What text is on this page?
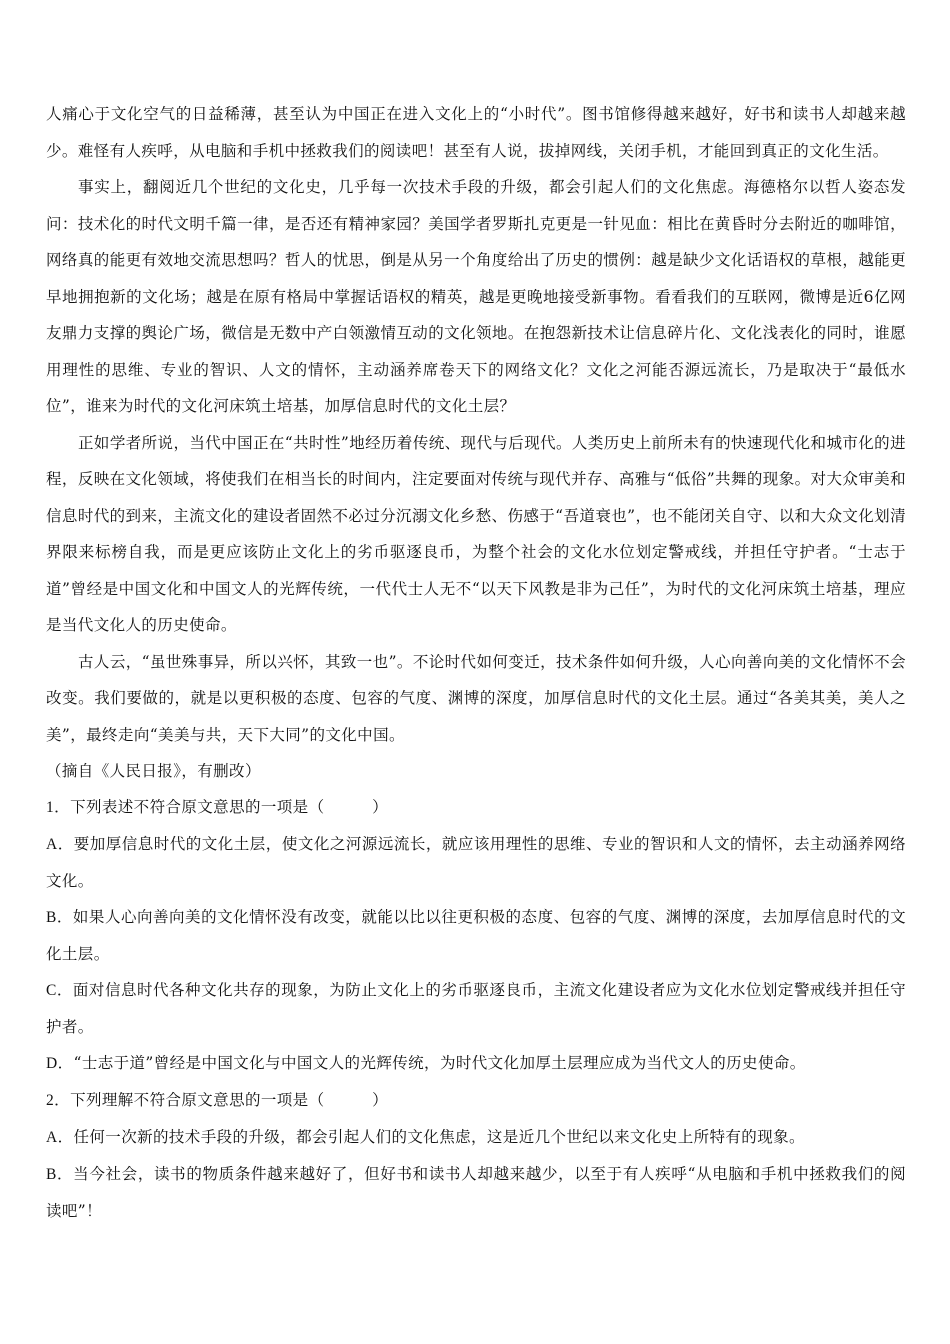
人痛心于文化空气的日益稀薄，甚至认为中国正在进入文化上的“小时代”。图书馆修得越来越好，好书和读书人却越来越少。难怪有人疾呼，从电脑和手机中拯救我们的阅读吧！甚至有人说，拔掉网线，关闭手机，才能回到真正的文化生活。

事实上，翻阅近几个世纪的文化史，几乎每一次技术手段的升级，都会引起人们的文化焦虑。海德格尔以哲人姿态发问：技术化的时代文明千篇一律，是否还有精神家园？美国学者罗斯扎克更是一针见血：相比在黄昏时分去附近的咖啡馆，网络真的能更有效地交流思想吗？哲人的忧思，倒是从另一个角度给出了历史的惯例：越是缺少文化话语权的草根，越能更早地拥抱新的文化场；越是在原有格局中掌握话语权的精英，越是更晚地接受新事物。看看我们的互联网，微博是近6亿网友鼎力支撑的舆论广场，微信是无数中产白领激情互动的文化领地。在抱怨新技术让信息碎片化、文化浅表化的同时，谁愿用理性的思维、专业的智识、人文的情怀，主动涵养席卷天下的网络文化？文化之河能否源远流长，乃是取决于“最低水位”，谁来为时代的文化河床筑土培基，加厚信息时代的文化土层？

正如学者所说，当代中国正在“共时性”地经历着传统、现代与后现代。人类历史上前所未有的快速现代化和城市化的进程，反映在文化领域，将使我们在相当长的时间内，注定要面对传统与现代并存、高雅与“低俗”共舞的现象。对大众审美和信息时代的到来，主流文化的建设者固然不必过分沉溺文化乡愁、伤感于“吾道衰也”，也不能闭关自守、以和大众文化划清界限来标榜自我，而是更应该防止文化上的劣币驱逐良币，为整个社会的文化水位划定警戒线，并担任守护者。“士志于道”曾经是中国文化和中国文人的光辉传统，一代代士人无不“以天下风教是非为己任”，为时代的文化河床筑土培基，理应是当代文化人的历史使命。

古人云，“虽世殊事异，所以兴怀，其致一也”。不论时代如何变迁，技术条件如何升级，人心向善向美的文化情怀不会改变。我们要做的，就是以更积极的态度、包容的气度、渊博的深度，加厚信息时代的文化土层。通过“各美其美，美人之美”，最终走向“美美与共，天下大同”的文化中国。

（摘自《人民日报》，有删改）

1．下列表述不符合原文意思的一项是（　　　）

A．要加厚信息时代的文化土层，使文化之河源远流长，就应该用理性的思维、专业的智识和人文的情怀，去主动涵养网络文化。

B．如果人心向善向美的文化情怀没有改变，就能以比以往更积极的态度、包容的气度、渊博的深度，去加厚信息时代的文化土层。

C．面对信息时代各种文化共存的现象，为防止文化上的劣币驱逐良币，主流文化建设者应为文化水位划定警戒线并担任守护者。

D．“士志于道”曾经是中国文化与中国文人的光辉传统，为时代文化加厚土层理应成为当代文人的历史使命。

2．下列理解不符合原文意思的一项是（　　　）

A．任何一次新的技术手段的升级，都会引起人们的文化焦虑，这是近几个世纪以来文化史上所特有的现象。

B．当今社会，读书的物质条件越来越好了，但好书和读书人却越来越少，以至于有人疾呼“从电脑和手机中拯救我们的阅读吧”！
